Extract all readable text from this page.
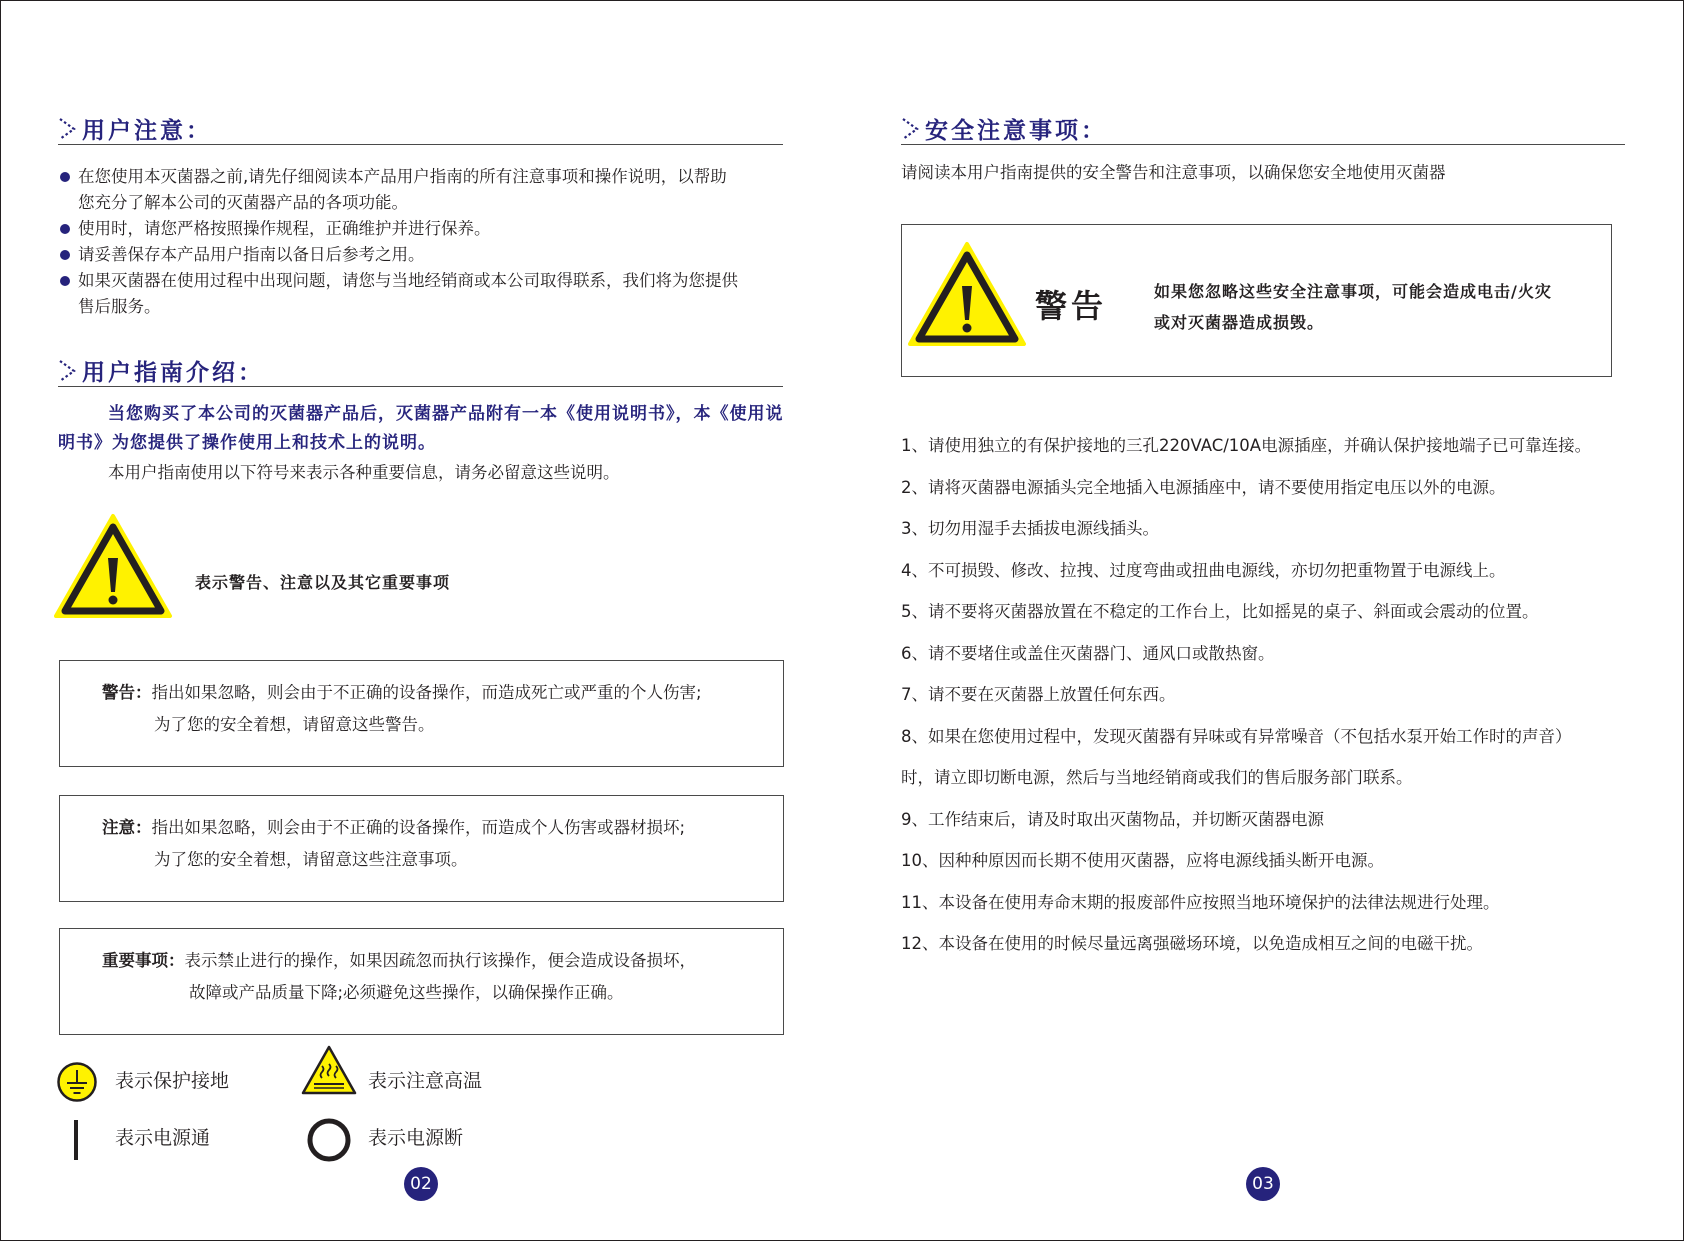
用户注意：
在您使用本灭菌器之前,请先仔细阅读本产品用户指南的所有注意事项和操作说明，以帮助
您充分了解本公司的灭菌器产品的各项功能。
使用时，请您严格按照操作规程，正确维护并进行保养。
请妥善保存本产品用户指南以备日后参考之用。
如果灭菌器在使用过程中出现问题，请您与当地经销商或本公司取得联系，我们将为您提供
售后服务。
用户指南介绍：
当您购买了本公司的灭菌器产品后，灭菌器产品附有一本《使用说明书》，本《使用说明书》为您提供了操作使用上和技术上的说明。
本用户指南使用以下符号来表示各种重要信息，请务必留意这些说明。
表示警告、注意以及其它重要事项
警告：指出如果忽略，则会由于不正确的设备操作，而造成死亡或严重的个人伤害;
为了您的安全着想，请留意这些警告。
注意：指出如果忽略，则会由于不正确的设备操作，而造成个人伤害或器材损坏;
为了您的安全着想，请留意这些注意事项。
重要事项：表示禁止进行的操作，如果因疏忽而执行该操作，便会造成设备损坏，
故障或产品质量下降;必须避免这些操作，以确保操作正确。
表示保护接地	表示注意高温
表示电源通	表示电源断
02
安全注意事项：
请阅读本用户指南提供的安全警告和注意事项，以确保您安全地使用灭菌器
警告	如果您忽略这些安全注意事项，可能会造成电击/火灾
或对灭菌器造成损毁。
1、请使用独立的有保护接地的三孔220VAC/10A电源插座，并确认保护接地端子已可靠连接。
2、请将灭菌器电源插头完全地插入电源插座中，请不要使用指定电压以外的电源。
3、切勿用湿手去插拔电源线插头。
4、不可损毁、修改、拉拽、过度弯曲或扭曲电源线，亦切勿把重物置于电源线上。
5、请不要将灭菌器放置在不稳定的工作台上，比如摇晃的桌子、斜面或会震动的位置。
6、请不要堵住或盖住灭菌器门、通风口或散热窗。
7、请不要在灭菌器上放置任何东西。
8、如果在您使用过程中，发现灭菌器有异味或有异常噪音（不包括水泵开始工作时的声音）
时，请立即切断电源，然后与当地经销商或我们的售后服务部门联系。
9、工作结束后，请及时取出灭菌物品，并切断灭菌器电源
10、因种种原因而长期不使用灭菌器，应将电源线插头断开电源。
11、本设备在使用寿命末期的报废部件应按照当地环境保护的法律法规进行处理。
12、本设备在使用的时候尽量远离强磁场环境，以免造成相互之间的电磁干扰。
03
